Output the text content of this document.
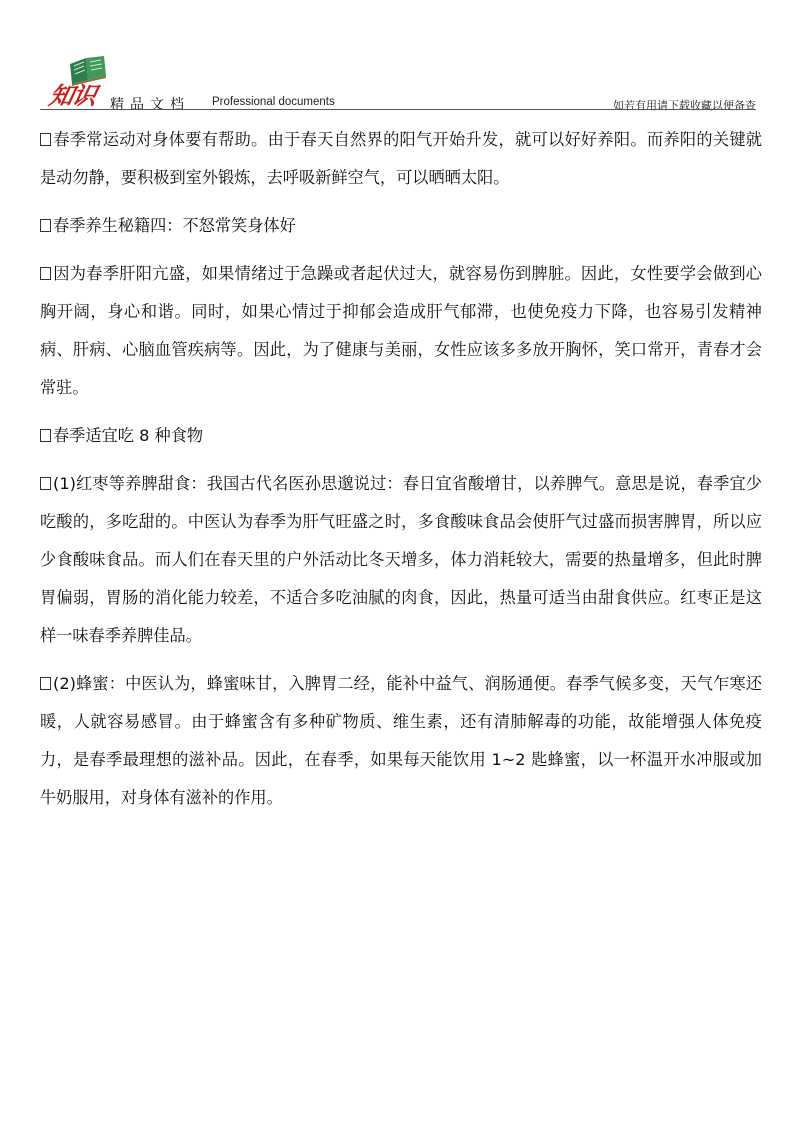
知识 精品文档 Professional documents	如若有用请下载收藏以便备查

春季常运动对身体要有帮助。由于春天自然界的阳气开始升发，就可以好好养阳。而养阳的关键就是动勿静，要积极到室外锻炼，去呼吸新鲜空气，可以晒晒太阳。

春季养生秘籍四：不怒常笑身体好

因为春季肝阳亢盛，如果情绪过于急躁或者起伏过大，就容易伤到脾脏。因此，女性要学会做到心胸开阔，身心和谐。同时，如果心情过于抑郁会造成肝气郁滞，也使免疫力下降，也容易引发精神病、肝病、心脑血管疾病等。因此，为了健康与美丽，女性应该多多放开胸怀，笑口常开，青春才会常驻。

春季适宜吃 8 种食物

(1)红枣等养脾甜食：我国古代名医孙思邈说过：春日宜省酸增甘，以养脾气。意思是说，春季宜少吃酸的，多吃甜的。中医认为春季为肝气旺盛之时，多食酸味食品会使肝气过盛而损害脾胃，所以应少食酸味食品。而人们在春天里的户外活动比冬天增多，体力消耗较大，需要的热量增多，但此时脾胃偏弱，胃肠的消化能力较差，不适合多吃油腻的肉食，因此，热量可适当由甜食供应。红枣正是这样一味春季养脾佳品。

(2)蜂蜜：中医认为，蜂蜜味甘，入脾胃二经，能补中益气、润肠通便。春季气候多变，天气乍寒还暖，人就容易感冒。由于蜂蜜含有多种矿物质、维生素，还有清肺解毒的功能，故能增强人体免疫力，是春季最理想的滋补品。因此，在春季，如果每天能饮用 1~2 匙蜂蜜，以一杯温开水冲服或加牛奶服用，对身体有滋补的作用。
